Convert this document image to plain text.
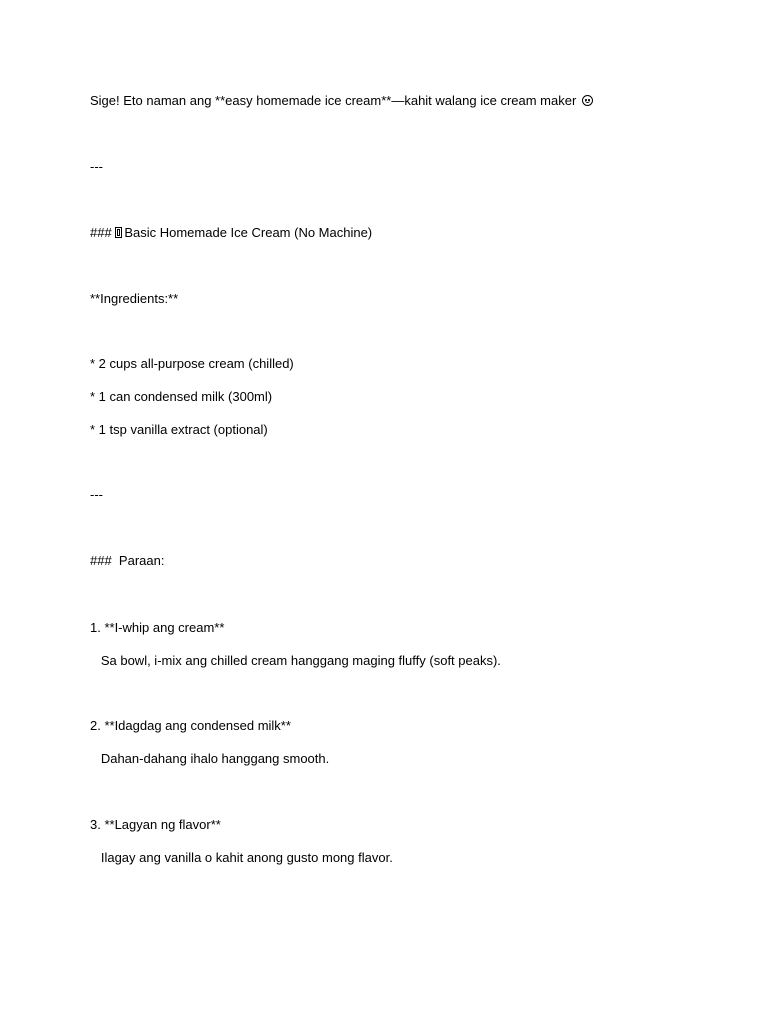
Sige! Eto naman ang **easy homemade ice cream**—kahit walang ice cream maker
---
### Basic Homemade Ice Cream (No Machine)
**Ingredients:**
* 2 cups all-purpose cream (chilled)
* 1 can condensed milk (300ml)
* 1 tsp vanilla extract (optional)
---
###  Paraan:
1. **I-whip ang cream**
Sa bowl, i-mix ang chilled cream hanggang maging fluffy (soft peaks).
2. **Idagdag ang condensed milk**
Dahan-dahang ihalo hanggang smooth.
3. **Lagyan ng flavor**
Ilagay ang vanilla o kahit anong gusto mong flavor.
